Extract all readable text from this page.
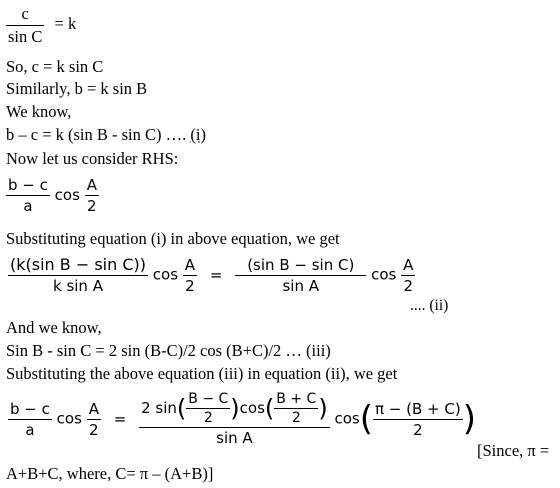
$\frac{c}{\text{sin C}} = k$
So, c = k sin C
Similarly, b = k sin B
We know,
b – c = k (sin B - sin C) …. (i)
Now let us consider RHS:
$\frac{b - c}{a}$ $\cos \frac{A}{2}$
Substituting equation (i) in above equation, we get
$\frac{\text{(k(sin B − sin C))}}{\text{k sin A}}$ $\cos \frac{A}{2} = \frac{\text{(sin B − sin C)}}{\text{sin A}}$ $\cos \frac{A}{2}$
.... (ii)
And we know,
Sin B - sin C = 2 sin (B-C)/2 cos (B+C)/2 … (iii)
Substituting the above equation (iii) in equation (ii), we get
$\frac{b - c}{a}$ $\cos \frac{A}{2}$ =
2 $\sin( \frac{B - C}{2} )\cos( \frac{B + C}{2}$ )
sin A
$\cos( \frac{\pi - (B + C)}{2}$ )
[Since, π =
A+B+C, where, C= π – (A+B)]
